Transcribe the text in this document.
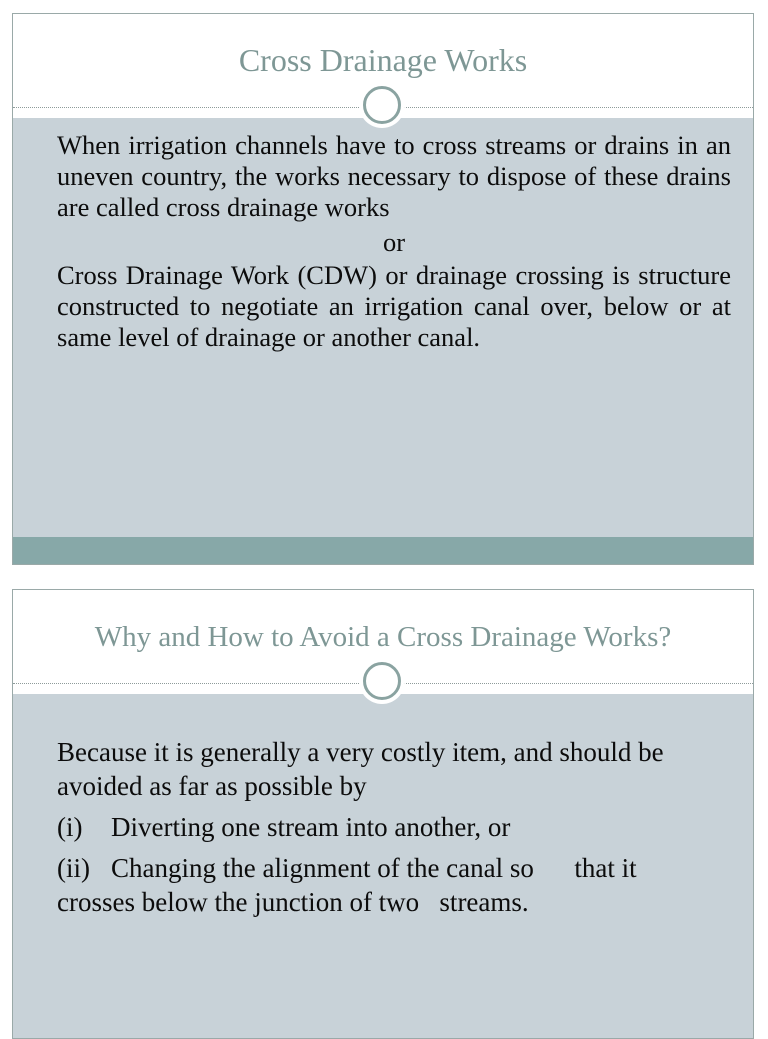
Cross Drainage Works

When irrigation channels have to cross streams or drains in an uneven country, the works necessary to dispose of these drains are called cross drainage works

or

Cross Drainage Work (CDW) or drainage crossing is structure constructed to negotiate an irrigation canal over, below or at same level of drainage or another canal.

Why and How to Avoid a Cross Drainage Works?

Because it is generally a very costly item, and should be avoided as far as possible by

(i)	Diverting one stream into another, or
(ii) Changing the alignment of the canal so      that it
crosses below the junction of two   streams.
